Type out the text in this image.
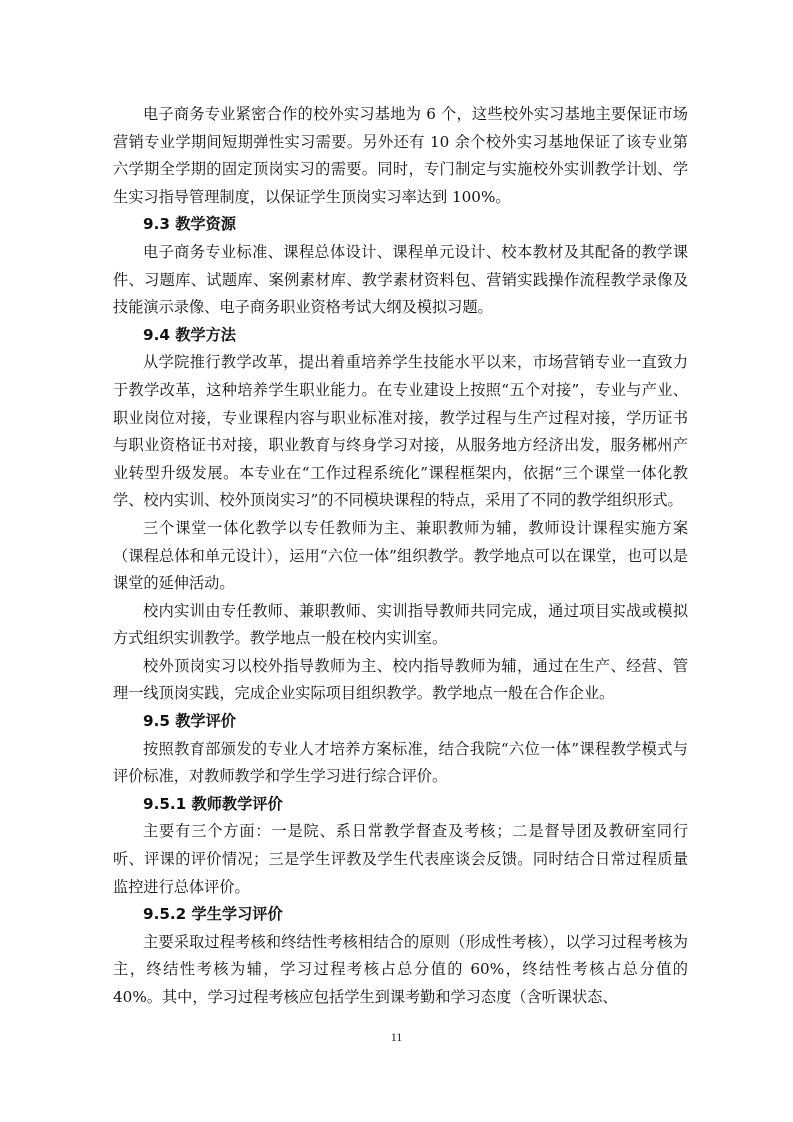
电子商务专业紧密合作的校外实习基地为 6 个，这些校外实习基地主要保证市场营销专业学期间短期弹性实习需要。另外还有 10 余个校外实习基地保证了该专业第六学期全学期的固定顶岗实习的需要。同时，专门制定与实施校外实训教学计划、学生实习指导管理制度，以保证学生顶岗实习率达到 100%。

9.3 教学资源

电子商务专业标准、课程总体设计、课程单元设计、校本教材及其配备的教学课件、习题库、试题库、案例素材库、教学素材资料包、营销实践操作流程教学录像及技能演示录像、电子商务职业资格考试大纲及模拟习题。

9.4 教学方法

从学院推行教学改革，提出着重培养学生技能水平以来，市场营销专业一直致力于教学改革，这种培养学生职业能力。在专业建设上按照“五个对接”，专业与产业、职业岗位对接，专业课程内容与职业标准对接，教学过程与生产过程对接，学历证书与职业资格证书对接，职业教育与终身学习对接，从服务地方经济出发，服务郴州产业转型升级发展。本专业在“工作过程系统化”课程框架内，依据“三个课堂一体化教学、校内实训、校外顶岗实习”的不同模块课程的特点，采用了不同的教学组织形式。

三个课堂一体化教学以专任教师为主、兼职教师为辅，教师设计课程实施方案（课程总体和单元设计），运用“六位一体”组织教学。教学地点可以在课堂，也可以是课堂的延伸活动。

校内实训由专任教师、兼职教师、实训指导教师共同完成，通过项目实战或模拟方式组织实训教学。教学地点一般在校内实训室。

校外顶岗实习以校外指导教师为主、校内指导教师为辅，通过在生产、经营、管理一线顶岗实践，完成企业实际项目组织教学。教学地点一般在合作企业。

9.5 教学评价

按照教育部颁发的专业人才培养方案标准，结合我院“六位一体”课程教学模式与评价标准，对教师教学和学生学习进行综合评价。

9.5.1 教师教学评价

主要有三个方面：一是院、系日常教学督查及考核；二是督导团及教研室同行听、评课的评价情况；三是学生评教及学生代表座谈会反馈。同时结合日常过程质量监控进行总体评价。

9.5.2 学生学习评价

主要采取过程考核和终结性考核相结合的原则（形成性考核），以学习过程考核为主，终结性考核为辅，学习过程考核占总分值的 60%，终结性考核占总分值的 40%。其中，学习过程考核应包括学生到课考勤和学习态度（含听课状态、

11
